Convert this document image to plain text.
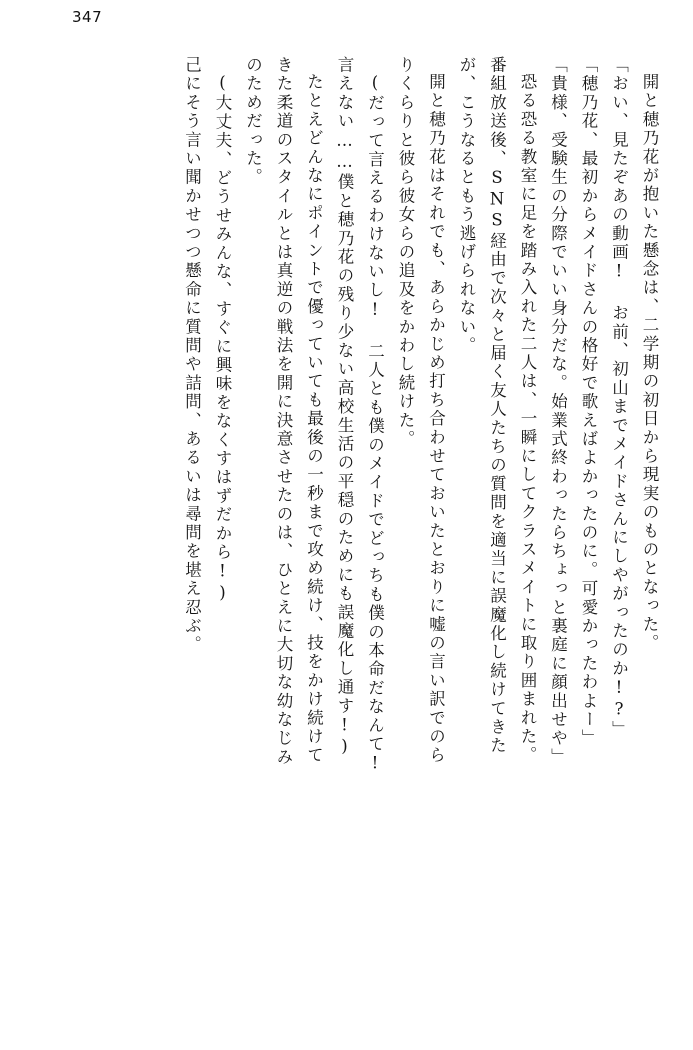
347
開と穂乃花が抱いた懸念は、二学期の初日から現実のものとなった。
「おい、見たぞあの動画! お前、初山までメイドさんにしやがったのか!?」
「穂乃花、最初からメイドさんの格好で歌えばよかったのに。可愛かったわよー」
「貴様、受験生の分際でいい身分だな。始業式終わったらちょっと裏庭に顔出せや」
恐る恐る教室に足を踏み入れた二人は、一瞬にしてクラスメイトに取り囲まれた。
番組放送後、SNS経由で次々と届く友人たちの質問を適当に誤魔化し続けてきた
が、こうなるともう逃げられない。
開と穂乃花はそれでも、あらかじめ打ち合わせておいたとおりに嘘の言い訳でのら
りくらりと彼ら彼女らの追及をかわし続けた。
(だって言えるわけないし! 二人とも僕のメイドでどっちも僕の本命だなんて!
言えない……僕と穂乃花の残り少ない高校生活の平穏のためにも誤魔化し通す!)
たとえどんなにポイントで優っていても最後の一秒まで攻め続け、技をかけ続けて
きた柔道のスタイルとは真逆の戦法を開に決意させたのは、ひとえに大切な幼なじみ
のためだった。
(大丈夫、どうせみんな、すぐに興味をなくすはずだから!)
己にそう言い聞かせつつ懸命に質問や詰問、あるいは尋問を堪え忍ぶ。
